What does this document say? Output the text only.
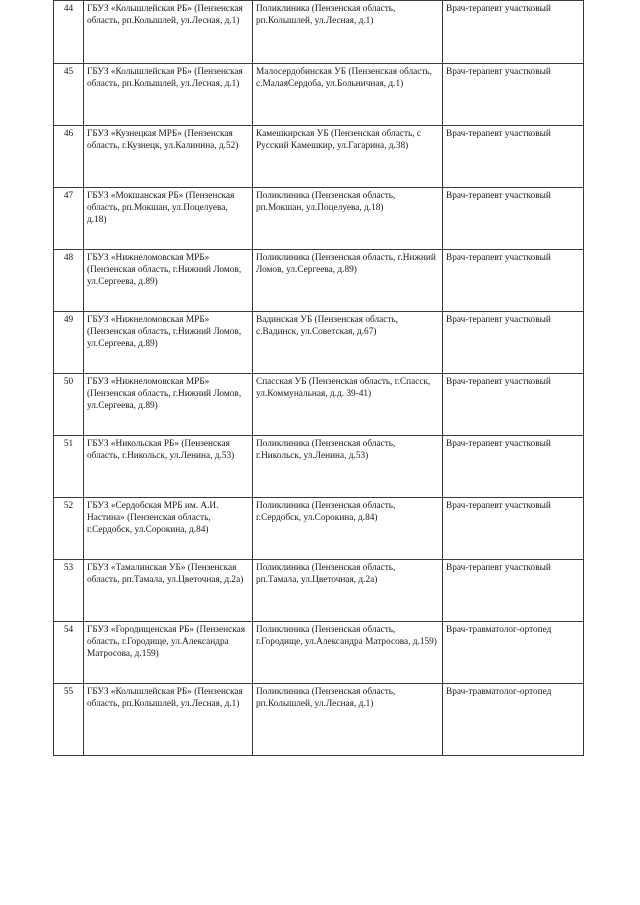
44	ГБУЗ «Колышлейская РБ» (Пензенская область, рп.Колышлей, ул.Лесная, д.1)	Поликлиника (Пензенская область, рп.Колышлей, ул.Лесная, д.1)	Врач-терапевт участковый

45	ГБУЗ «Колышлейская РБ» (Пензенская область, рп.Колышлей, ул.Лесная, д.1)	Малосердобинская УБ (Пензенская область, с.МалаяСердоба, ул.Больничная, д.1)	Врач-терапевт участковый

46	ГБУЗ «Кузнецкая МРБ» (Пензенская область, г.Кузнецк, ул.Калинина, д.52)	Камешкирская УБ (Пензенская область, с Русский Камешкир, ул.Гагарина, д.38)	Врач-терапевт участковый

47	ГБУЗ «Мокшанская РБ» (Пензенская область, рп.Мокшан, ул.Поцелуева, д.18)	Поликлиника (Пензенская область, рп.Мокшан, ул.Поцелуева, д.18)	Врач-терапевт участковый

48	ГБУЗ «Нижнеломовская МРБ» (Пензенская область, г.Нижний Ломов, ул.Сергеева, д.89)	Поликлиника (Пензенская область, г.Нижний Ломов, ул.Сергеева, д.89)	Врач-терапевт участковый

49	ГБУЗ «Нижнеломовская МРБ» (Пензенская область, г.Нижний Ломов, ул.Сергеева, д.89)	Вадинская УБ (Пензенская область, с.Вадинск, ул.Советская, д.67)	Врач-терапевт участковый

50	ГБУЗ «Нижнеломовская МРБ» (Пензенская область, г.Нижний Ломов, ул.Сергеева, д.89)	Спасская УБ (Пензенская область, г.Спасск, ул.Коммунальная, д.д. 39-41)	Врач-терапевт участковый

51	ГБУЗ «Никольская РБ» (Пензенская область, г.Никольск, ул.Ленина, д.53)	Поликлиника (Пензенская область, г.Никольск, ул.Ленина, д.53)	Врач-терапевт участковый

52	ГБУЗ «Сердобская МРБ им. А.И. Настина» (Пензенская область, г.Сердобск, ул.Сорокина, д.84)	Поликлиника (Пензенская область, г.Сердобск, ул.Сорокина, д.84)	Врач-терапевт участковый

53	ГБУЗ «Тамалинская УБ» (Пензенская область, рп.Тамала, ул.Цветочная, д.2а)	Поликлиника (Пензенская область, рп.Тамала, ул.Цветочная, д.2а)	Врач-терапевт участковый

54	ГБУЗ «Городищенская РБ» (Пензенская область, г.Городище, ул.Александра Матросова, д.159)	Поликлиника (Пензенская область, г.Городище, ул.Александра Матросова, д.159)	Врач-травматолог-ортопед

55	ГБУЗ «Колышлейская РБ» (Пензенская область, рп.Колышлей, ул.Лесная, д.1)	Поликлиника (Пензенская область, рп.Колышлей, ул.Лесная, д.1)	Врач-травматолог-ортопед
